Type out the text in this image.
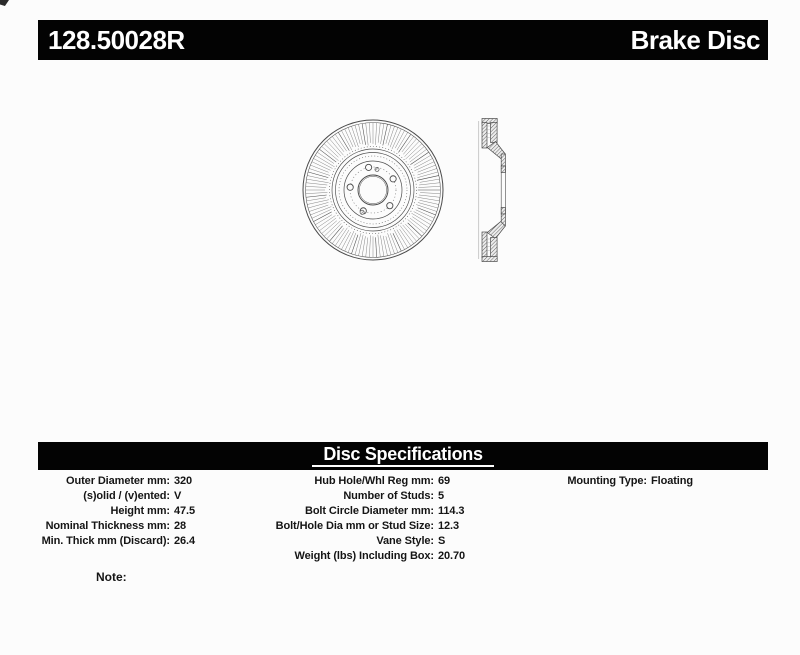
128.50028R	Brake Disc
Disc Specifications
Outer Diameter mm: 320
(s)olid / (v)ented: V
Height mm: 47.5
Nominal Thickness mm: 28
Min. Thick mm (Discard): 26.4
Hub Hole/Whl Reg mm: 69
Number of Studs: 5
Bolt Circle Diameter mm: 114.3
Bolt/Hole Dia mm or Stud Size: 12.3
Vane Style: S
Weight (lbs) Including Box: 20.70
Mounting Type: Floating
Note:
